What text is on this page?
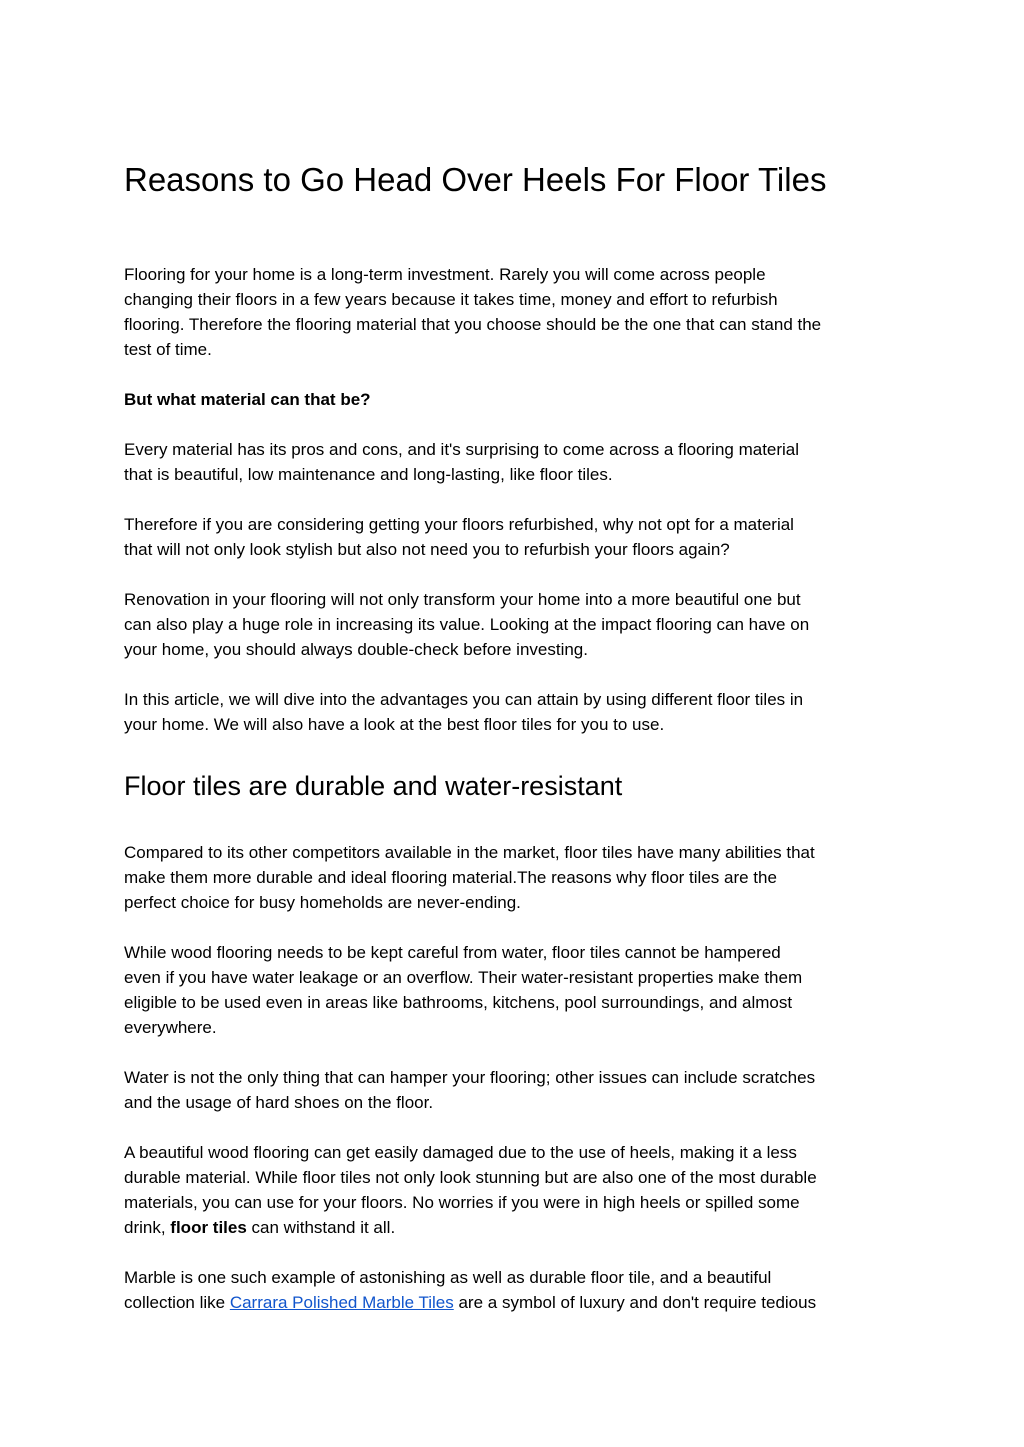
Reasons to Go Head Over Heels For Floor Tiles

Flooring for your home is a long-term investment. Rarely you will come across people
changing their floors in a few years because it takes time, money and effort to refurbish
flooring. Therefore the flooring material that you choose should be the one that can stand the
test of time.

But what material can that be?

Every material has its pros and cons, and it's surprising to come across a flooring material
that is beautiful, low maintenance and long-lasting, like floor tiles.

Therefore if you are considering getting your floors refurbished, why not opt for a material
that will not only look stylish but also not need you to refurbish your floors again?

Renovation in your flooring will not only transform your home into a more beautiful one but
can also play a huge role in increasing its value. Looking at the impact flooring can have on
your home, you should always double-check before investing.

In this article, we will dive into the advantages you can attain by using different floor tiles in
your home. We will also have a look at the best floor tiles for you to use.

Floor tiles are durable and water-resistant

Compared to its other competitors available in the market, floor tiles have many abilities that
make them more durable and ideal flooring material.The reasons why floor tiles are the
perfect choice for busy homeholds are never-ending.

While wood flooring needs to be kept careful from water, floor tiles cannot be hampered
even if you have water leakage or an overflow. Their water-resistant properties make them
eligible to be used even in areas like bathrooms, kitchens, pool surroundings, and almost
everywhere.

Water is not the only thing that can hamper your flooring; other issues can include scratches
and the usage of hard shoes on the floor.

A beautiful wood flooring can get easily damaged due to the use of heels, making it a less
durable material. While floor tiles not only look stunning but are also one of the most durable
materials, you can use for your floors. No worries if you were in high heels or spilled some
drink, floor tiles can withstand it all.

Marble is one such example of astonishing as well as durable floor tile, and a beautiful
collection like Carrara Polished Marble Tiles are a symbol of luxury and don't require tedious
